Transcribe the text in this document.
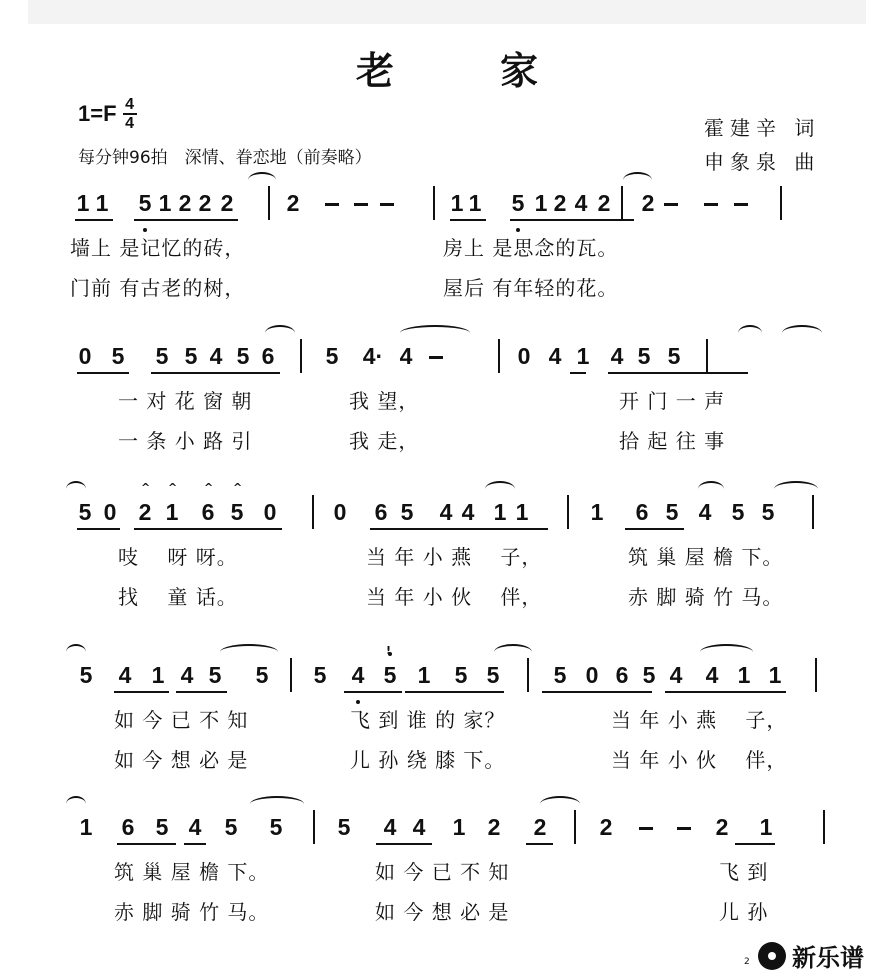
老　家
$1=F \frac{4}{4}$
每分钟96拍　深情、眷恋地（前奏略）
霍建辛 词
申象泉 曲
1 1 5 1 2 2 2 2	1 1 5 1 2 4 2 2
墙上 是记忆的砖，	房上 是思念的瓦。
门前 有古老的树，	屋后 有年轻的花。
0 5 5 5 4 5 6 5 4· 4	0 4 1 4 5 5
一 对 花 窗 朝	我 望，	开 门 一 声
一 条 小 路 引	我 走，	拾 起 往 事
5 0 2 1 6 5 0 0 6 5 4 4 1 1	1 6 5 4 5 5
^ ^ ^ ^
吱　 呀 呀。	当 年 小 燕　 子，	筑 巢 屋 檐 下。
找　 童 话。	当 年 小 伙　 伴，	赤 脚 骑 竹 马。
5 4 1 4 5 5 5 4 5 1 5 5 5 0 6 5 4 4 1 1
!
如 今 已 不 知	飞 到 谁 的 家？	当 年 小 燕　 子，
如 今 想 必 是	儿 孙 绕 膝 下。	当 年 小 伙　 伴，
1 6 5 4 5 5 5 4 4 1 2 2 2	2 1
筑 巢 屋 檐 下。	如 今 已 不 知	飞 到
赤 脚 骑 竹 马。	如 今 想 必 是	儿 孙
2 新乐谱
